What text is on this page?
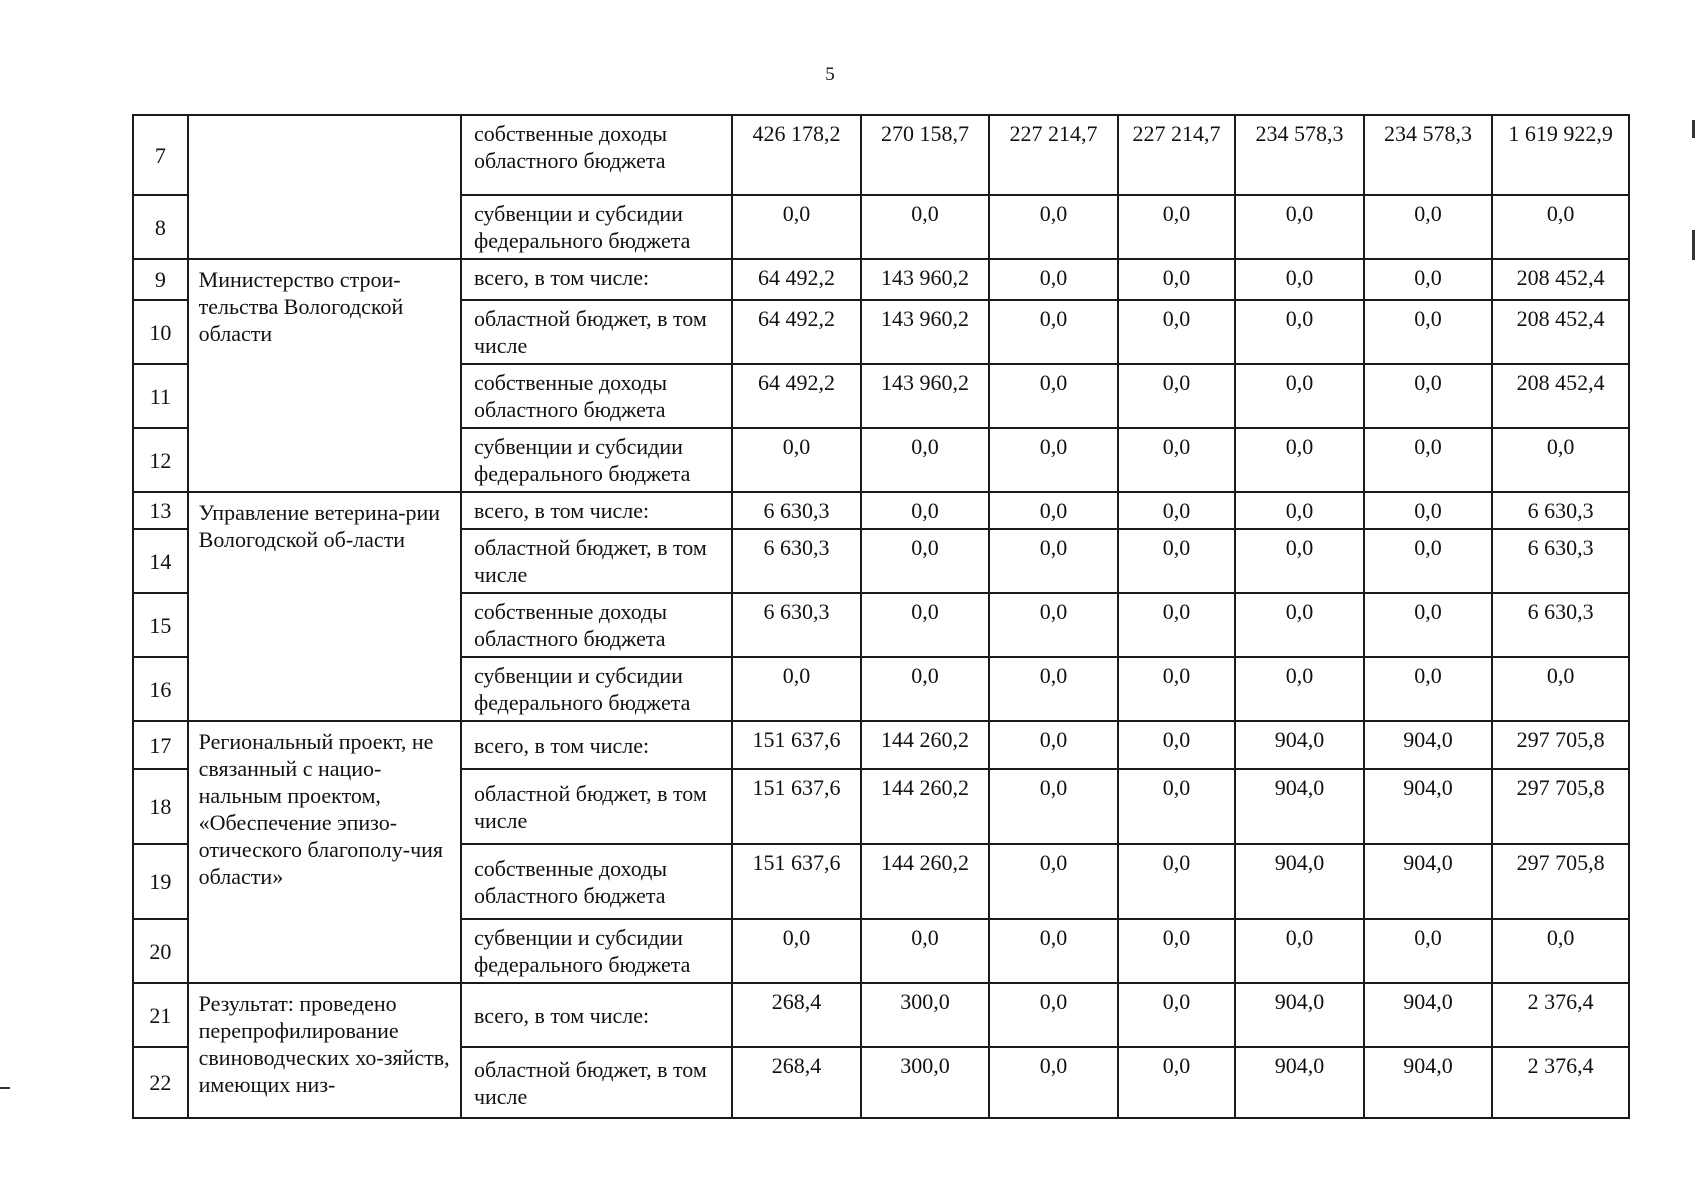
5
7		собственные доходы областного бюджета	426 178,2	270 158,7	227 214,7	227 214,7	234 578,3	234 578,3	1 619 922,9
8		субвенции и субсидии федерального бюджета	0,0	0,0	0,0	0,0	0,0	0,0	0,0
9	Министерство строи-тельства Вологодской области	всего, в том числе:	64 492,2	143 960,2	0,0	0,0	0,0	0,0	208 452,4
10		областной бюджет, в том числе	64 492,2	143 960,2	0,0	0,0	0,0	0,0	208 452,4
11		собственные доходы областного бюджета	64 492,2	143 960,2	0,0	0,0	0,0	0,0	208 452,4
12		субвенции и субсидии федерального бюджета	0,0	0,0	0,0	0,0	0,0	0,0	0,0
13	Управление ветерина-рии Вологодской об-ласти	всего, в том числе:	6 630,3	0,0	0,0	0,0	0,0	0,0	6 630,3
14		областной бюджет, в том числе	6 630,3	0,0	0,0	0,0	0,0	0,0	6 630,3
15		собственные доходы областного бюджета	6 630,3	0,0	0,0	0,0	0,0	0,0	6 630,3
16		субвенции и субсидии федерального бюджета	0,0	0,0	0,0	0,0	0,0	0,0	0,0
17	Региональный проект, не связанный с нацио-нальным проектом, «Обеспечение эпизо-отического благополу-чия области»	всего, в том числе:	151 637,6	144 260,2	0,0	0,0	904,0	904,0	297 705,8
18		областной бюджет, в том числе	151 637,6	144 260,2	0,0	0,0	904,0	904,0	297 705,8
19		собственные доходы областного бюджета	151 637,6	144 260,2	0,0	0,0	904,0	904,0	297 705,8
20		субвенции и субсидии федерального бюджета	0,0	0,0	0,0	0,0	0,0	0,0	0,0
21	Результат: проведено перепрофилирование свиноводческих хо-зяйств, имеющих низ-	всего, в том числе:	268,4	300,0	0,0	0,0	904,0	904,0	2 376,4
22		областной бюджет, в том числе	268,4	300,0	0,0	0,0	904,0	904,0	2 376,4
